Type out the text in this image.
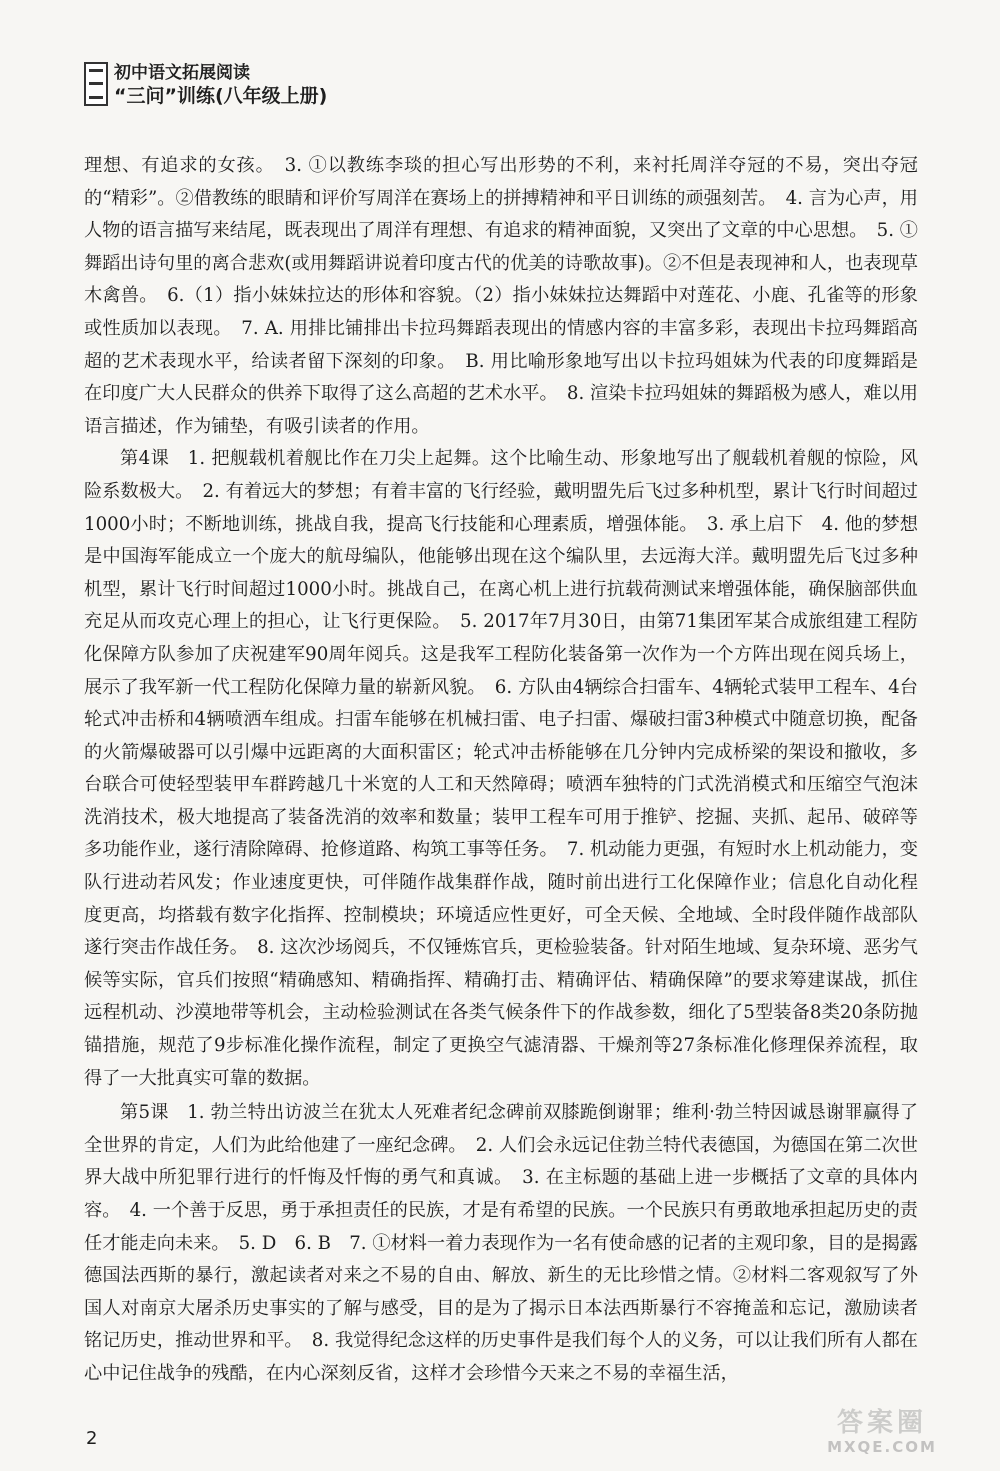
初中语文拓展阅读
“三问”训练(八年级上册)

理想、有追求的女孩。　3. ①以教练李琰的担心写出形势的不利，来衬托周洋夺冠的不易，突出夺冠的“精彩”。②借教练的眼睛和评价写周洋在赛场上的拼搏精神和平日训练的顽强刻苦。　4. 言为心声，用人物的语言描写来结尾，既表现出了周洋有理想、有追求的精神面貌，又突出了文章的中心思想。　5. ①舞蹈出诗句里的离合悲欢(或用舞蹈讲说着印度古代的优美的诗歌故事)。②不但是表现神和人，也表现草木禽兽。　6.（1）指小妹妹拉达的形体和容貌。（2）指小妹妹拉达舞蹈中对莲花、小鹿、孔雀等的形象或性质加以表现。　7. A. 用排比铺排出卡拉玛舞蹈表现出的情感内容的丰富多彩，表现出卡拉玛舞蹈高超的艺术表现水平，给读者留下深刻的印象。　B. 用比喻形象地写出以卡拉玛姐妹为代表的印度舞蹈是在印度广大人民群众的供养下取得了这么高超的艺术水平。　8. 渲染卡拉玛姐妹的舞蹈极为感人，难以用语言描述，作为铺垫，有吸引读者的作用。

第4课　1. 把舰载机着舰比作在刀尖上起舞。这个比喻生动、形象地写出了舰载机着舰的惊险，风险系数极大。　2. 有着远大的梦想；有着丰富的飞行经验，戴明盟先后飞过多种机型，累计飞行时间超过1000小时；不断地训练，挑战自我，提高飞行技能和心理素质，增强体能。　3. 承上启下　4. 他的梦想是中国海军能成立一个庞大的航母编队，他能够出现在这个编队里，去远海大洋。戴明盟先后飞过多种机型，累计飞行时间超过1000小时。挑战自己，在离心机上进行抗载荷测试来增强体能，确保脑部供血充足从而攻克心理上的担心，让飞行更保险。　5. 2017年7月30日，由第71集团军某合成旅组建工程防化保障方队参加了庆祝建军90周年阅兵。这是我军工程防化装备第一次作为一个方阵出现在阅兵场上，展示了我军新一代工程防化保障力量的崭新风貌。　6. 方队由4辆综合扫雷车、4辆轮式装甲工程车、4台轮式冲击桥和4辆喷洒车组成。扫雷车能够在机械扫雷、电子扫雷、爆破扫雷3种模式中随意切换，配备的火箭爆破器可以引爆中远距离的大面积雷区；轮式冲击桥能够在几分钟内完成桥梁的架设和撤收，多台联合可使轻型装甲车群跨越几十米宽的人工和天然障碍；喷洒车独特的门式洗消模式和压缩空气泡沫洗消技术，极大地提高了装备洗消的效率和数量；装甲工程车可用于推铲、挖掘、夹抓、起吊、破碎等多功能作业，遂行清除障碍、抢修道路、构筑工事等任务。　7. 机动能力更强，有短时水上机动能力，变队行进动若风发；作业速度更快，可伴随作战集群作战，随时前出进行工化保障作业；信息化自动化程度更高，均搭载有数字化指挥、控制模块；环境适应性更好，可全天候、全地域、全时段伴随作战部队遂行突击作战任务。　8. 这次沙场阅兵，不仅锤炼官兵，更检验装备。针对陌生地域、复杂环境、恶劣气候等实际，官兵们按照“精确感知、精确指挥、精确打击、精确评估、精确保障”的要求筹建谋战，抓住远程机动、沙漠地带等机会，主动检验测试在各类气候条件下的作战参数，细化了5型装备8类20条防抛锚措施，规范了9步标准化操作流程，制定了更换空气滤清器、干燥剂等27条标准化修理保养流程，取得了一大批真实可靠的数据。

第5课　1. 勃兰特出访波兰在犹太人死难者纪念碑前双膝跪倒谢罪；维利·勃兰特因诚恳谢罪赢得了全世界的肯定，人们为此给他建了一座纪念碑。　2. 人们会永远记住勃兰特代表德国，为德国在第二次世界大战中所犯罪行进行的忏悔及忏悔的勇气和真诚。　3. 在主标题的基础上进一步概括了文章的具体内容。　4. 一个善于反思，勇于承担责任的民族，才是有希望的民族。一个民族只有勇敢地承担起历史的责任才能走向未来。　5. D　6. B　7. ①材料一着力表现作为一名有使命感的记者的主观印象，目的是揭露德国法西斯的暴行，激起读者对来之不易的自由、解放、新生的无比珍惜之情。②材料二客观叙写了外国人对南京大屠杀历史事实的了解与感受，目的是为了揭示日本法西斯暴行不容掩盖和忘记，激励读者铭记历史，推动世界和平。　8. 我觉得纪念这样的历史事件是我们每个人的义务，可以让我们所有人都在心中记住战争的残酷，在内心深刻反省，这样才会珍惜今天来之不易的幸福生活，

2
答案圈
MXQE.COM
